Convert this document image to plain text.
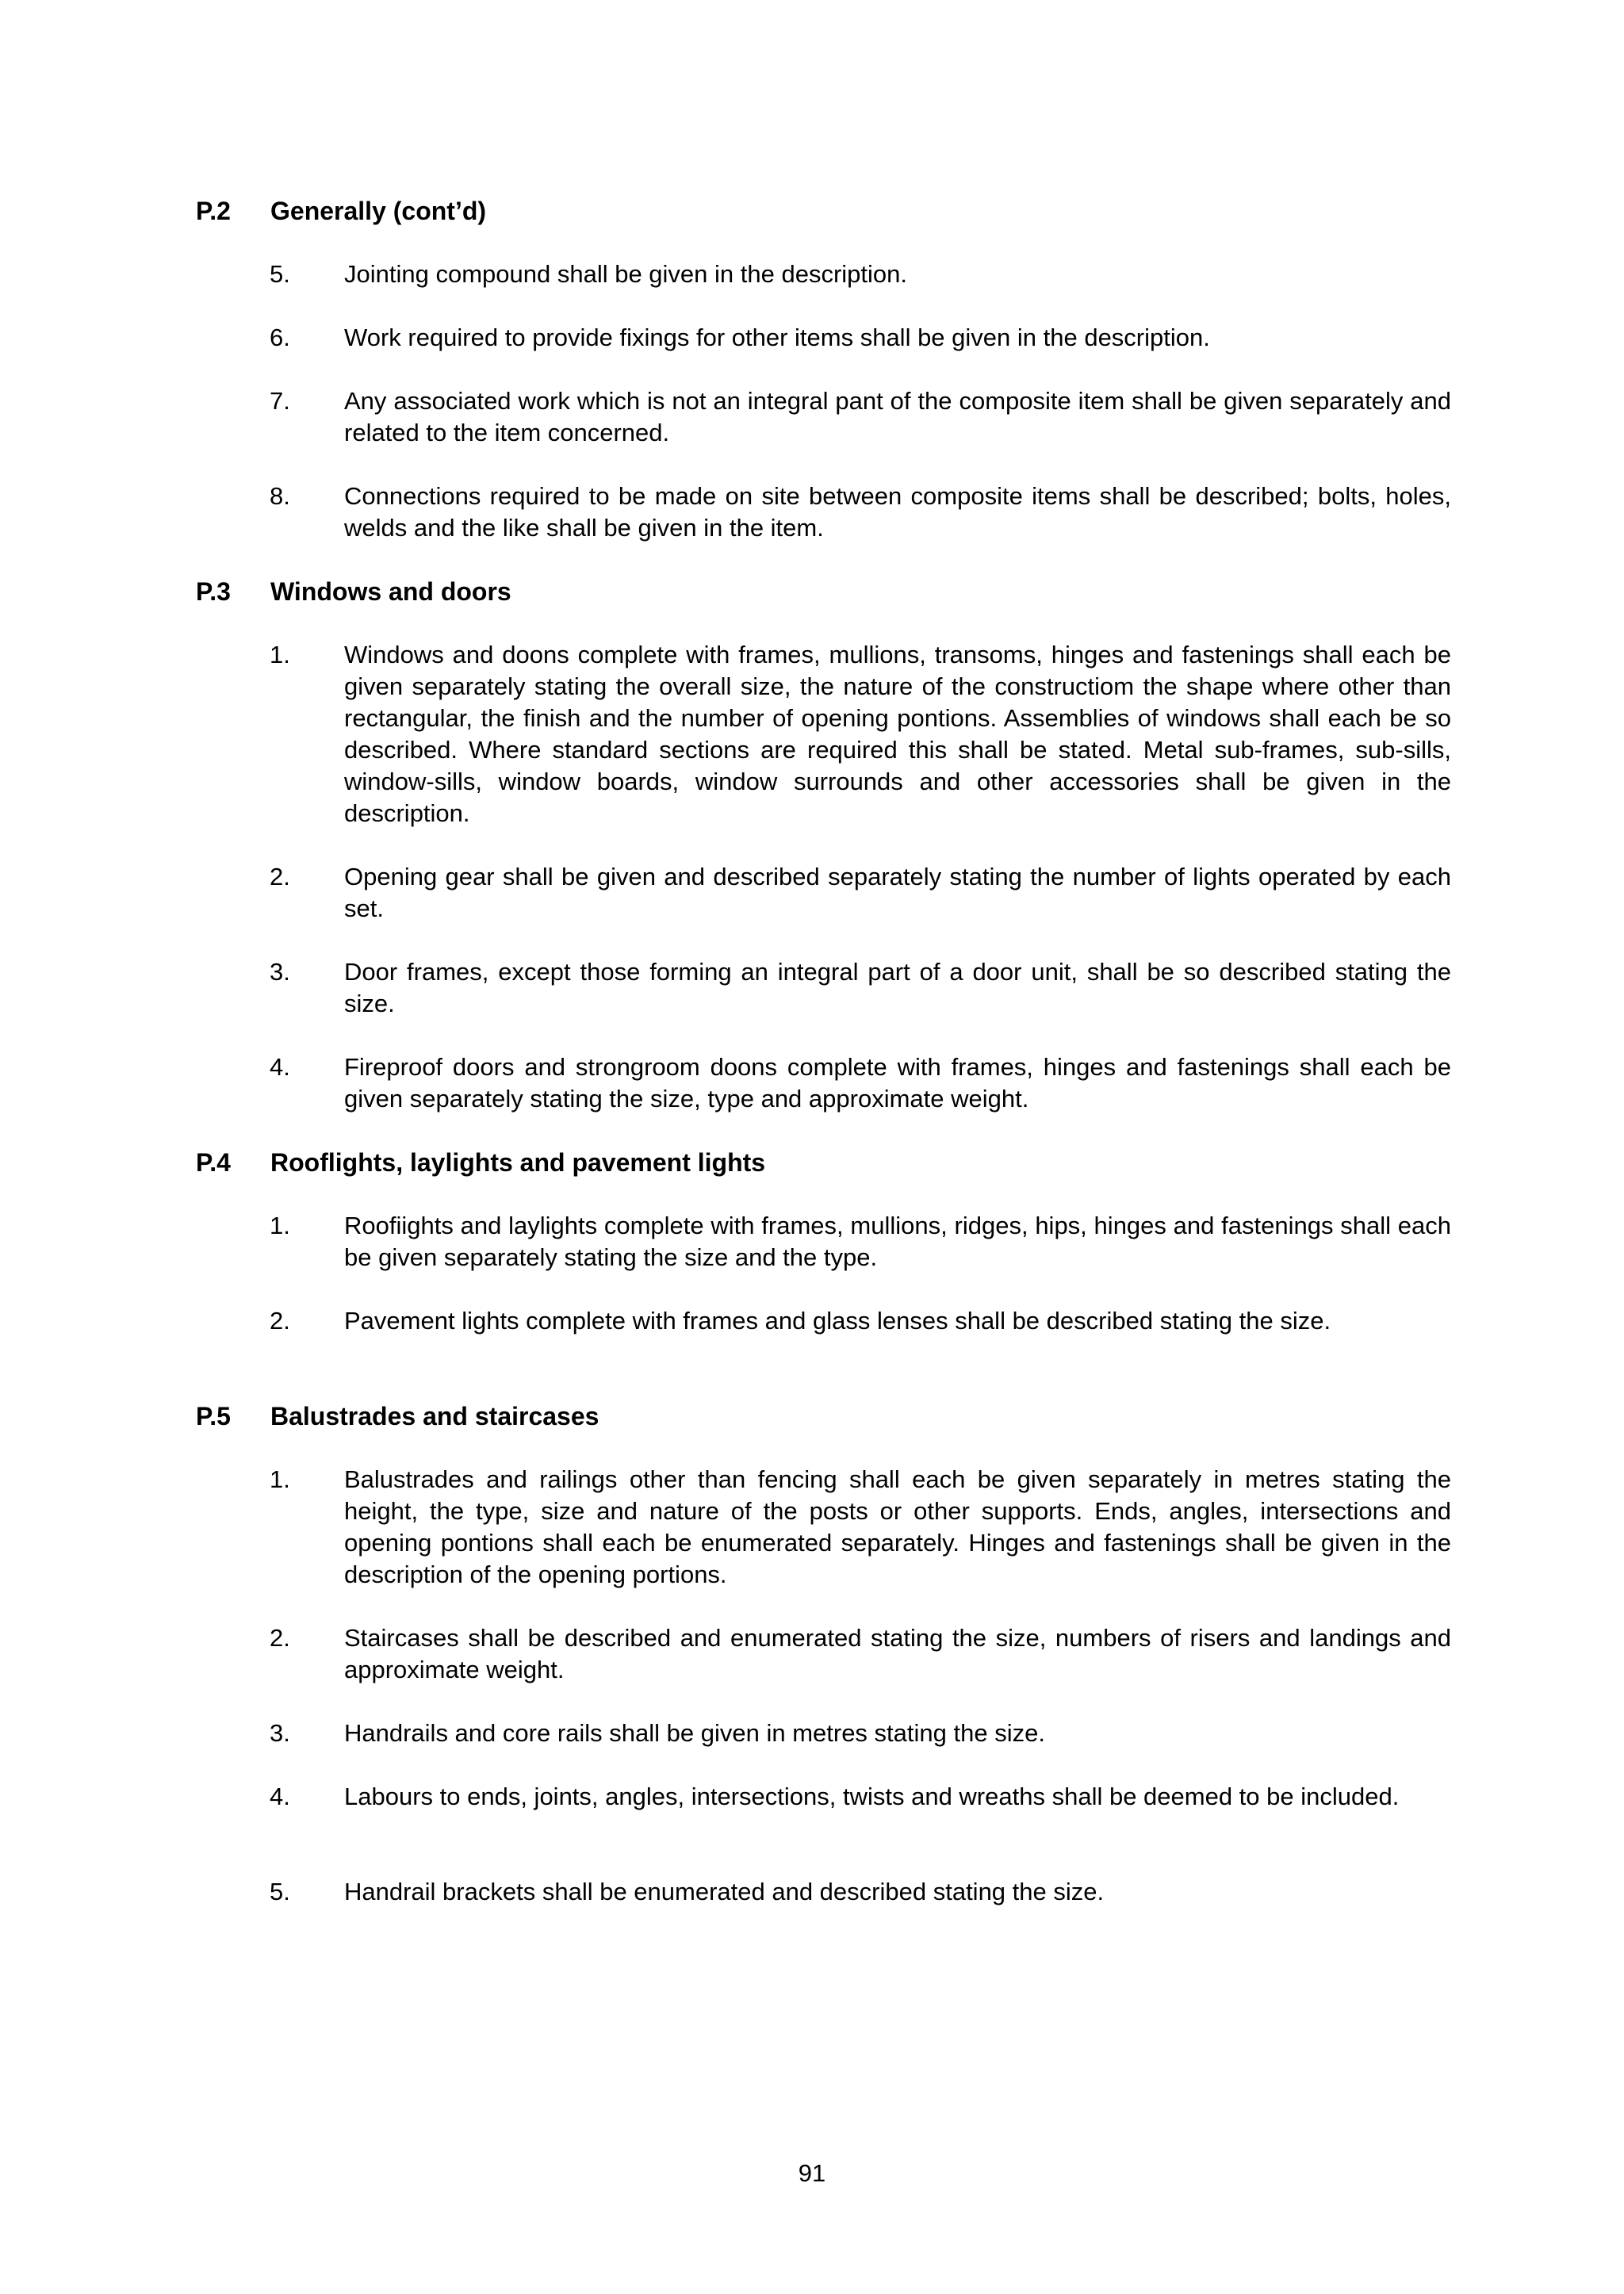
P.2 Generally (cont’d)
5. Jointing compound shall be given in the description.
6. Work required to provide fixings for other items shall be given in the description.
7. Any associated work which is not an integral pant of the composite item shall be given separately and related to the item concerned.
8. Connections required to be made on site between composite items shall be described; bolts, holes, welds and the like shall be given in the item.
P.3 Windows and doors
1. Windows and doons complete with frames, mullions, transoms, hinges and fastenings shall each be given separately stating the overall size, the nature of the constructiom the shape where other than rectangular, the finish and the number of opening pontions. Assemblies of windows shall each be so described. Where standard sections are required this shall be stated. Metal sub-frames, sub-sills, window-sills, window boards, window surrounds and other accessories shall be given in the description.
2. Opening gear shall be given and described separately stating the number of lights operated by each set.
3. Door frames, except those forming an integral part of a door unit, shall be so described stating the size.
4. Fireproof doors and strongroom doons complete with frames, hinges and fastenings shall each be given separately stating the size, type and approximate weight.
P.4 Rooflights, laylights and pavement lights
1. Roofiights and laylights complete with frames, mullions, ridges, hips, hinges and fastenings shall each be given separately stating the size and the type.
2. Pavement lights complete with frames and glass lenses shall be described stating the size.
P.5 Balustrades and staircases
1. Balustrades and railings other than fencing shall each be given separately in metres stating the height, the type, size and nature of the posts or other supports. Ends, angles, intersections and opening pontions shall each be enumerated separately. Hinges and fastenings shall be given in the description of the opening portions.
2. Staircases shall be described and enumerated stating the size, numbers of risers and landings and approximate weight.
3. Handrails and core rails shall be given in metres stating the size.
4. Labours to ends, joints, angles, intersections, twists and wreaths shall be deemed to be included.
5. Handrail brackets shall be enumerated and described stating the size.
91
